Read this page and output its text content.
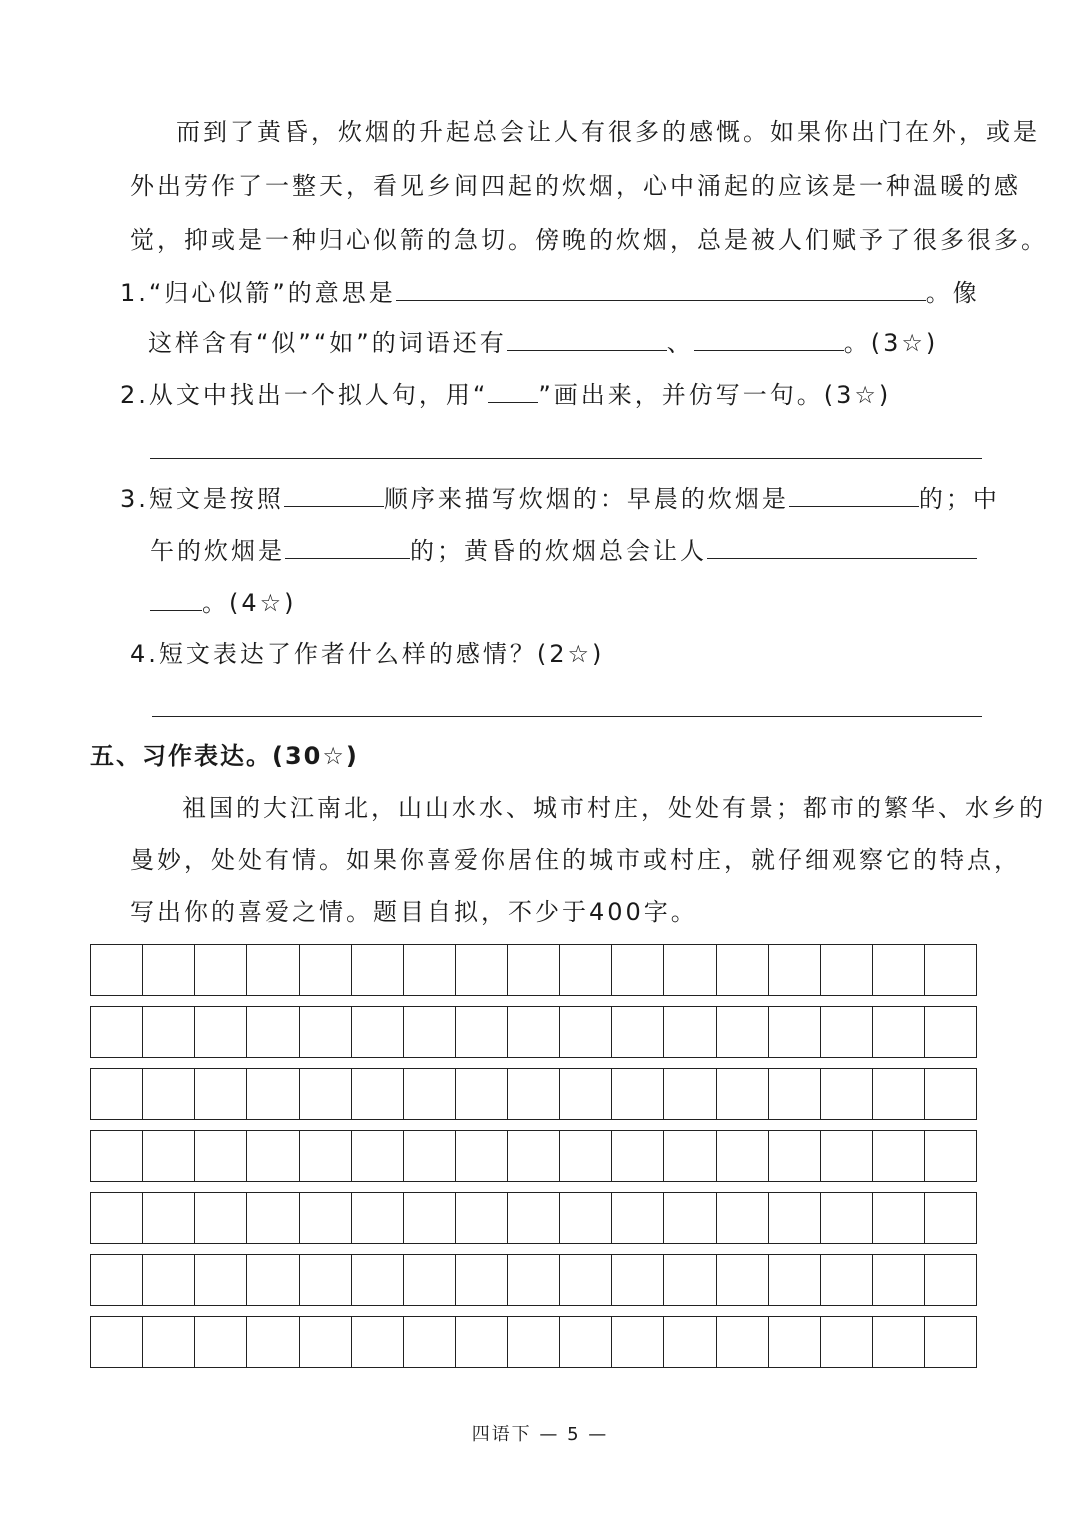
而到了黄昏，炊烟的升起总会让人有很多的感慨。如果你出门在外，或是
外出劳作了一整天，看见乡间四起的炊烟，心中涌起的应该是一种温暖的感
觉，抑或是一种归心似箭的急切。傍晚的炊烟，总是被人们赋予了很多很多。
1.“归心似箭”的意思是	。像
这样含有“似”“如”的词语还有	、	。(3☆)
2.从文中找出一个拟人句，用“ ”画出来，并仿写一句。(3☆)
3.短文是按照	顺序来描写炊烟的：早晨的炊烟是	的；中
午的炊烟是	的；黄昏的炊烟总会让人
。(4☆)
4.短文表达了作者什么样的感情？(2☆)
五、习作表达。(30☆)
祖国的大江南北，山山水水、城市村庄，处处有景；都市的繁华、水乡的
曼妙，处处有情。如果你喜爱你居住的城市或村庄，就仔细观察它的特点，
写出你的喜爱之情。题目自拟，不少于400字。
四语下 — 5 —
